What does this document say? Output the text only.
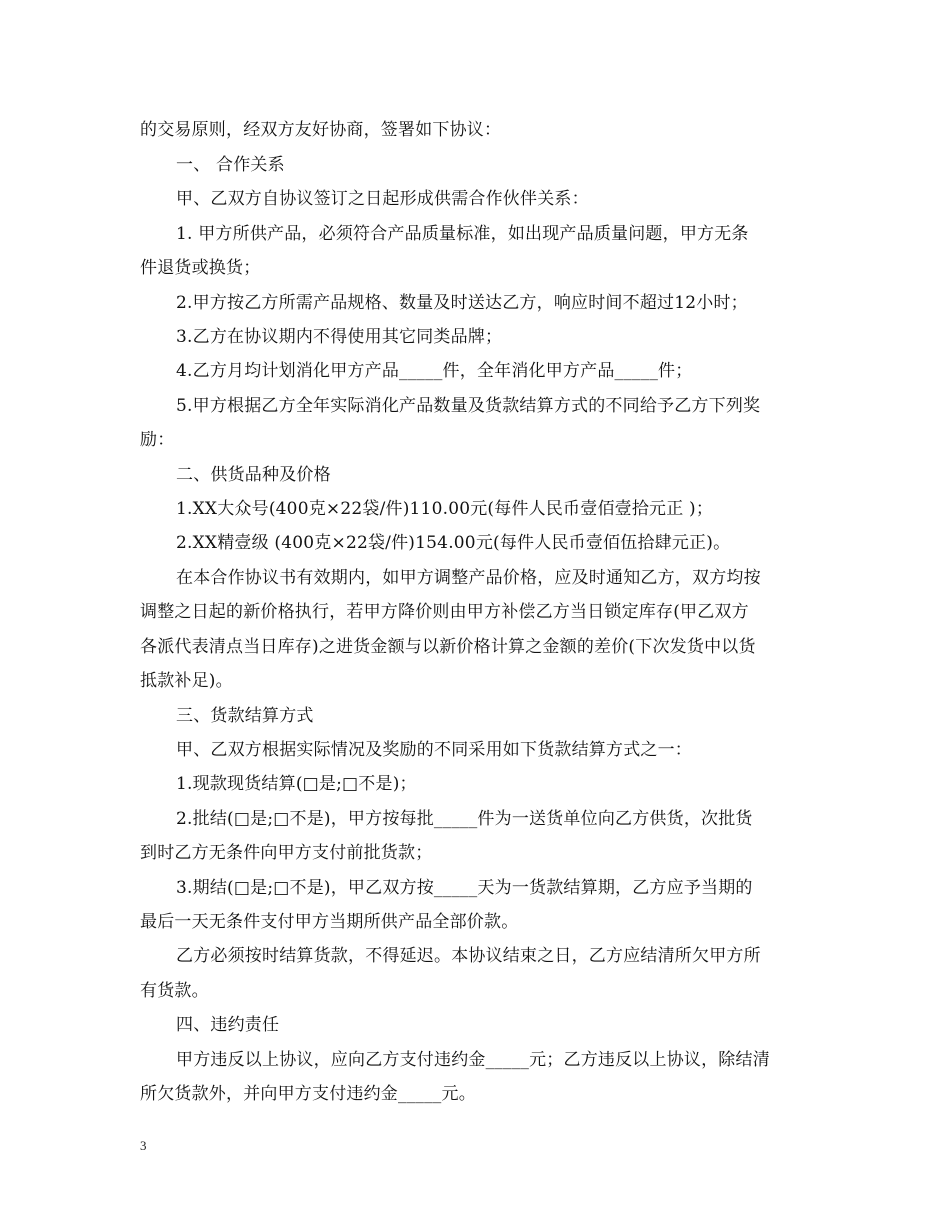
的交易原则，经双方友好协商，签署如下协议：
一、 合作关系
甲、乙双方自协议签订之日起形成供需合作伙伴关系：
1. 甲方所供产品，必须符合产品质量标准，如出现产品质量问题，甲方无条
件退货或换货；
2.甲方按乙方所需产品规格、数量及时送达乙方，响应时间不超过12小时；
3.乙方在协议期内不得使用其它同类品牌；
4.乙方月均计划消化甲方产品_____件，全年消化甲方产品_____件；
5.甲方根据乙方全年实际消化产品数量及货款结算方式的不同给予乙方下列奖
励：
二、供货品种及价格
1.XX大众号(400克×22袋/件)110.00元(每件人民币壹佰壹拾元正 )；
2.XX精壹级 (400克×22袋/件)154.00元(每件人民币壹佰伍拾肆元正)。
在本合作协议书有效期内，如甲方调整产品价格，应及时通知乙方，双方均按
调整之日起的新价格执行，若甲方降价则由甲方补偿乙方当日锁定库存(甲乙双方
各派代表清点当日库存)之进货金额与以新价格计算之金额的差价(下次发货中以货
抵款补足)。
三、货款结算方式
甲、乙双方根据实际情况及奖励的不同采用如下货款结算方式之一：
1.现款现货结算(□是;□不是)；
2.批结(□是;□不是)，甲方按每批_____件为一送货单位向乙方供货，次批货
到时乙方无条件向甲方支付前批货款；
3.期结(□是;□不是)，甲乙双方按_____天为一货款结算期，乙方应予当期的
最后一天无条件支付甲方当期所供产品全部价款。
乙方必须按时结算货款，不得延迟。本协议结束之日，乙方应结清所欠甲方所
有货款。
四、违约责任
甲方违反以上协议，应向乙方支付违约金_____元；乙方违反以上协议，除结清
所欠货款外，并向甲方支付违约金_____元。
3
